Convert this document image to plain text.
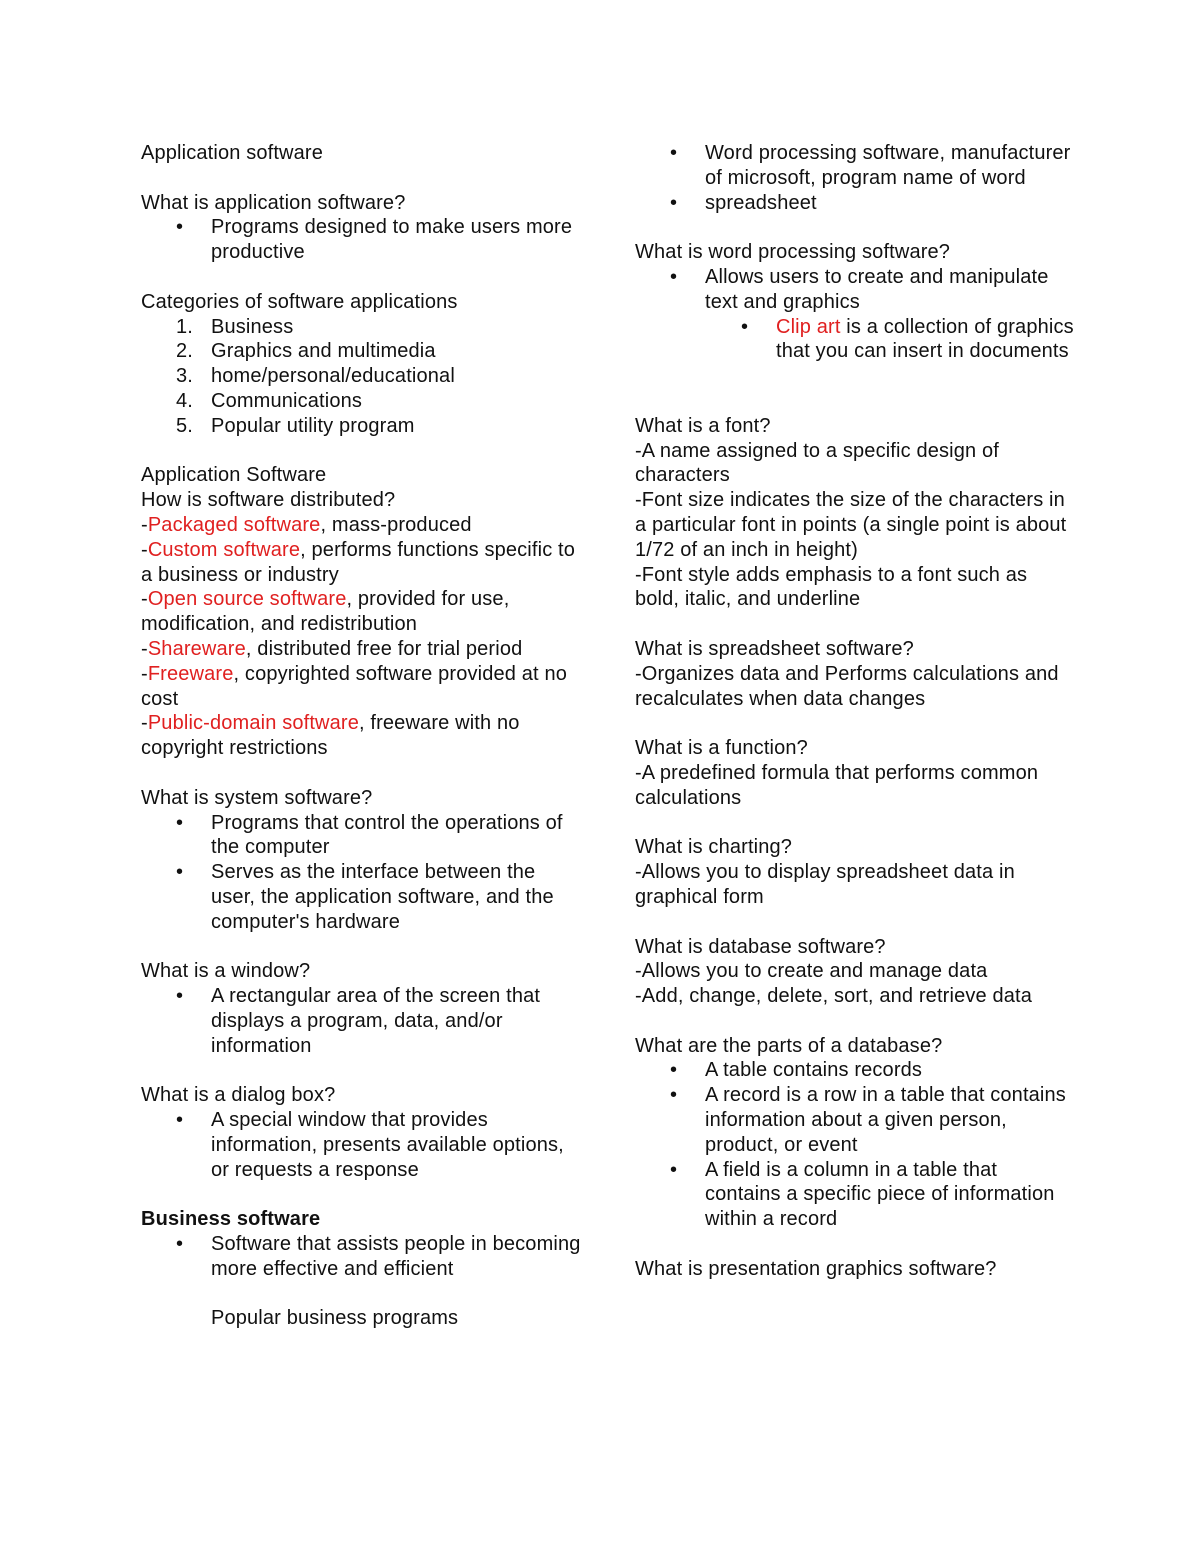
Application software
What is application software?
• Programs designed to make users more productive
Categories of software applications
1. Business
2. Graphics and multimedia
3. home/personal/educational
4. Communications
5. Popular utility program
Application Software
How is software distributed?
-Packaged software, mass-produced
-Custom software, performs functions specific to a business or industry
-Open source software, provided for use, modification, and redistribution
-Shareware, distributed free for trial period
-Freeware, copyrighted software provided at no cost
-Public-domain software, freeware with no copyright restrictions
What is system software?
• Programs that control the operations of the computer
• Serves as the interface between the user, the application software, and the computer's hardware
What is a window?
• A rectangular area of the screen that displays a program, data, and/or information
What is a dialog box?
• A special window that provides information, presents available options, or requests a response
Business software
• Software that assists people in becoming more effective and efficient
Popular business programs
• Word processing software, manufacturer of microsoft, program name of word
• spreadsheet
What is word processing software?
• Allows users to create and manipulate text and graphics
• Clip art is a collection of graphics that you can insert in documents
What is a font?
-A name assigned to a specific design of characters
-Font size indicates the size of the characters in a particular font in points (a single point is about 1/72 of an inch in height)
-Font style adds emphasis to a font such as bold, italic, and underline
What is spreadsheet software?
-Organizes data and Performs calculations and recalculates when data changes
What is a function?
-A predefined formula that performs common calculations
What is charting?
-Allows you to display spreadsheet data in graphical form
What is database software?
-Allows you to create and manage data
-Add, change, delete, sort, and retrieve data
What are the parts of a database?
• A table contains records
• A record is a row in a table that contains information about a given person, product, or event
• A field is a column in a table that contains a specific piece of information within a record
What is presentation graphics software?
